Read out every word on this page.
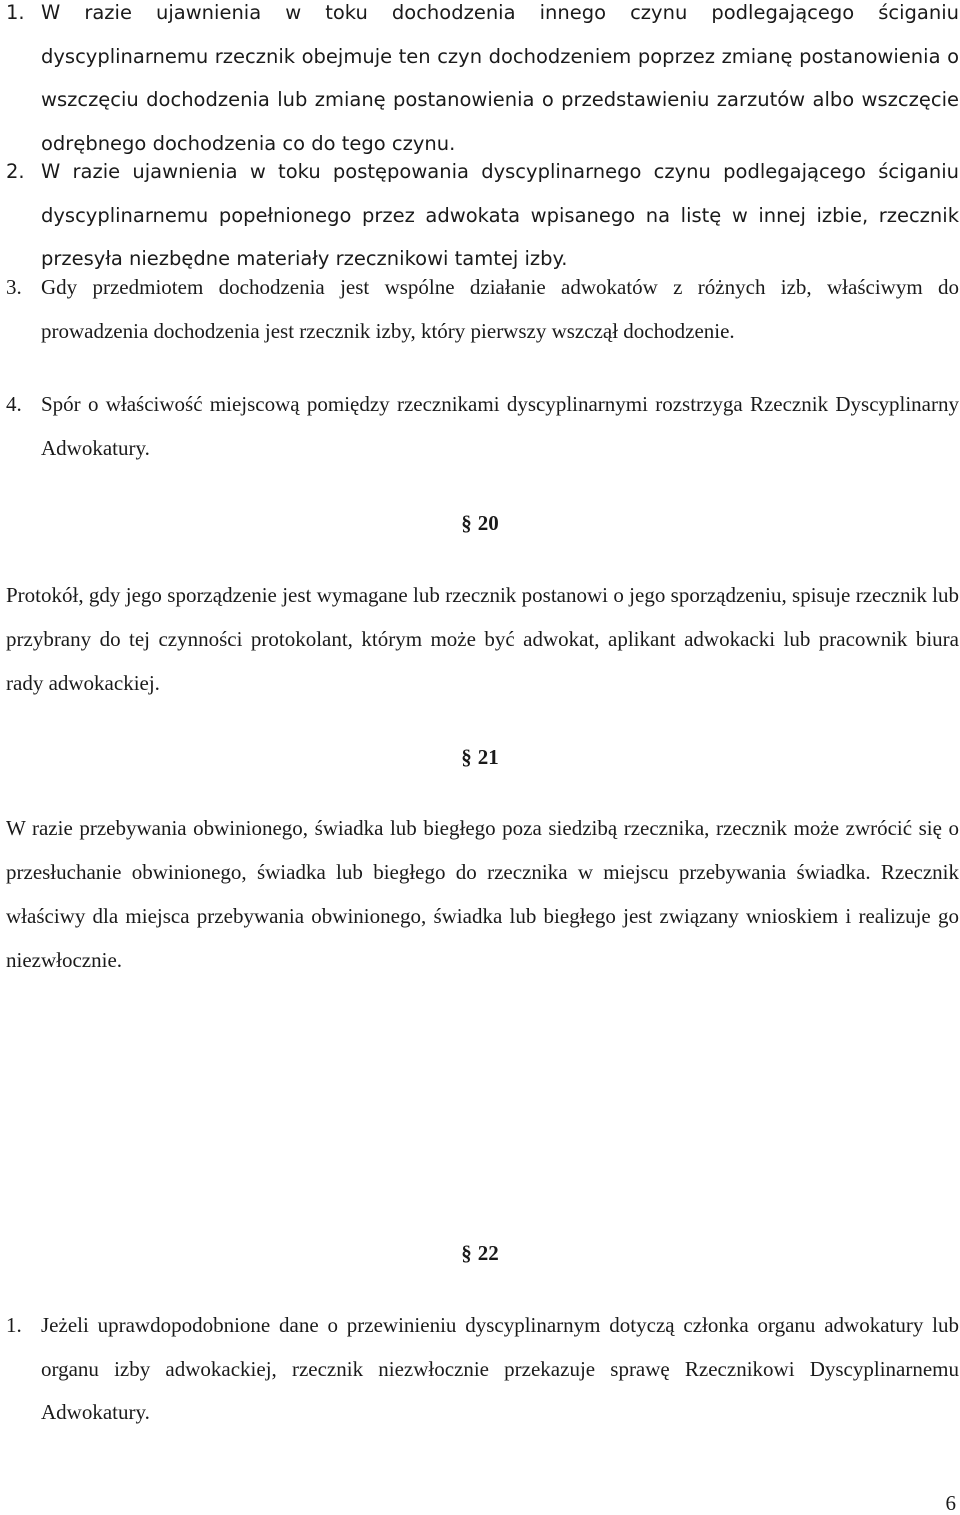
1. W razie ujawnienia w toku dochodzenia innego czynu podlegającego ściganiu dyscyplinarnemu rzecznik obejmuje ten czyn dochodzeniem poprzez zmianę postanowienia o wszczęciu dochodzenia lub zmianę postanowienia o przedstawieniu zarzutów albo wszczęcie odrębnego dochodzenia co do tego czynu.
2. W razie ujawnienia w toku postępowania dyscyplinarnego czynu podlegającego ściganiu dyscyplinarnemu popełnionego przez adwokata wpisanego na listę w innej izbie, rzecznik przesyła niezbędne materiały rzecznikowi tamtej izby.
3. Gdy przedmiotem dochodzenia jest wspólne działanie adwokatów z różnych izb, właściwym do prowadzenia dochodzenia jest rzecznik izby, który pierwszy wszczął dochodzenie.
4. Spór o właściwość miejscową pomiędzy rzecznikami dyscyplinarnymi rozstrzyga Rzecznik Dyscyplinarny Adwokatury.
§ 20
Protokół, gdy jego sporządzenie jest wymagane lub rzecznik postanowi o jego sporządzeniu, spisuje rzecznik lub przybrany do tej czynności protokolant, którym może być adwokat, aplikant adwokacki lub pracownik biura rady adwokackiej.
§ 21
W razie przebywania obwinionego, świadka lub biegłego poza siedzibą rzecznika, rzecznik może zwrócić się o przesłuchanie obwinionego, świadka lub biegłego do rzecznika w miejscu przebywania świadka. Rzecznik właściwy dla miejsca przebywania obwinionego, świadka lub biegłego jest związany wnioskiem i realizuje go niezwłocznie.
§ 22
1. Jeżeli uprawdopodobnione dane o przewinieniu dyscyplinarnym dotyczą członka organu adwokatury lub organu izby adwokackiej, rzecznik niezwłocznie przekazuje sprawę Rzecznikowi Dyscyplinarnemu Adwokatury.
6
